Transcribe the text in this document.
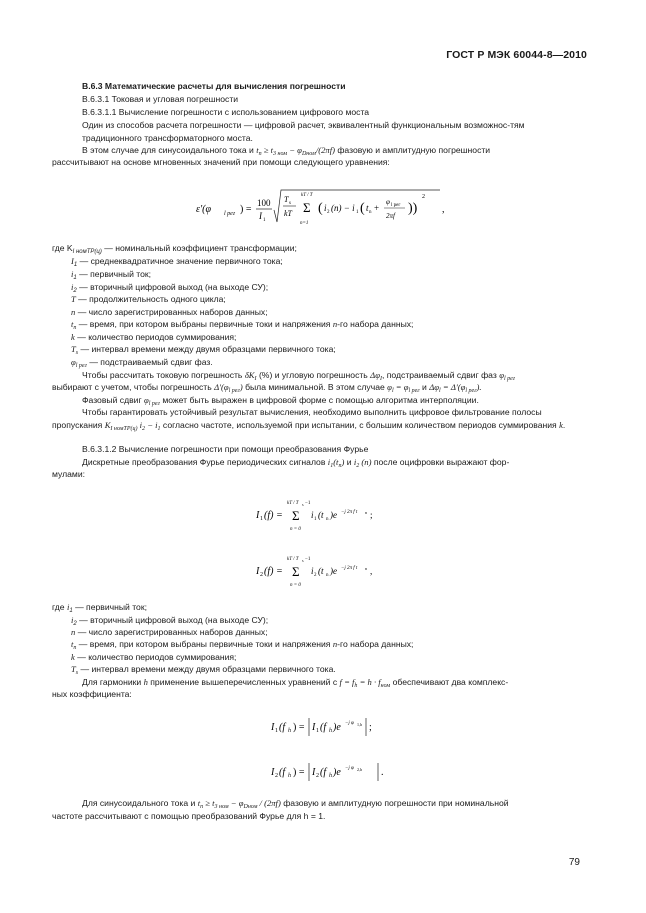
ГОСТ Р МЭК 60044-8—2010
В.6.3 Математические расчеты для вычисления погрешности
В.6.3.1 Токовая и угловая погрешности
В.6.3.1.1 Вычисление погрешности с использованием цифрового моста
Один из способов расчета погрешности — цифровой расчет, эквивалентный функциональным возможнос-тям традиционного трансформаторного моста.
В этом случае для синусоидального тока и $t_n \ge t_{3 ном} - \varphi_{Dном}/(2\pi f)$ фазовую и амплитудную погрешности
рассчитывают на основе мгновенных значений при помощи следующего уравнения:
ε′(φ l рег ) =
100
I 1
T s
kT
kT / T
Σ
n=1
( i 2 (n) − i 1 ( t n +
φ l рег
2πf ))
2
,
где $K_{I номТР(ц)}$ — номинальный коэффициент трансформации;
$I_1$ — среднеквадратичное значение первичного тока;
$i_1$ — первичный ток;
$i_2$ — вторичный цифровой выход (на выходе СУ);
T — продолжительность одного цикла;
n — число зарегистрированных наборов данных;
$t_n$ — время, при котором выбраны первичные токи и напряжения n-го набора данных;
k — количество периодов суммирования;
$T_s$ — интервал времени между двумя образцами первичного тока;
$\varphi_{l рег}$ — подстраиваемый сдвиг фаз.
Чтобы рассчитать токовую погрешность $\delta K_I$ (%) и угловую погрешность $\Delta\varphi_I$, подстраиваемый сдвиг фаз $\varphi_{l рег}$
выбирают с учетом, чтобы погрешность $\Delta'(\varphi_{l рег})$ была минимальной. В этом случае $\varphi_l = \varphi_{l рег}$ и $\Delta\varphi_l = \Delta'(\varphi_{l рег})$.
Фазовый сдвиг $\varphi_{l рег}$ может быть выражен в цифровой форме с помощью алгоритма интерполяции.
Чтобы гарантировать устойчивый результат вычисления, необходимо выполнить цифровое фильтрование полосы пропускания $K_{I номТР(ц)}$ $i_2 - i_1$ согласно частоте, используемой при испытании, с большим количеством периодов суммирования k.
В.6.3.1.2 Вычисление погрешности при помощи преобразования Фурье
Дискретные преобразования Фурье периодических сигналов $i_1(t_n)$ и $i_2$ (n) после оцифровки выражают фор-
мулами:
I 1 (f) =
kT / T s −1
Σ
n = 0
i 1 (t n )e −j 2π f t n ;
I 2 (f) =
kT / T s −1
Σ
n = 0
i 2 (t n )e −j 2π f t n ,
где $i_1$ — первичный ток;
$i_2$ — вторичный цифровой выход (на выходе СУ);
n — число зарегистрированных наборов данных;
$t_n$ — время, при котором выбраны первичные токи и напряжения n-го набора данных;
k — количество периодов суммирования;
$T_s$ — интервал времени между двумя образцами первичного тока.
Для гармоники h применение вышеперечисленных уравнений с $f = f_h = h \cdot f_{ном}$ обеспечивают два комплекс-
ных коэффициента:
I 1 (f h ) = I 1 (f h )e −j φ 1,h ;
I 2 (f h ) = I 2 (f h )e −j φ 2,h .
Для синусоидального тока и $t_n \ge t_{3 ном} - \varphi_{Dном} / (2\pi f)$ фазовую и амплитудную погрешности при номинальной
частоте рассчитывают с помощью преобразований Фурье для h = 1.
79
